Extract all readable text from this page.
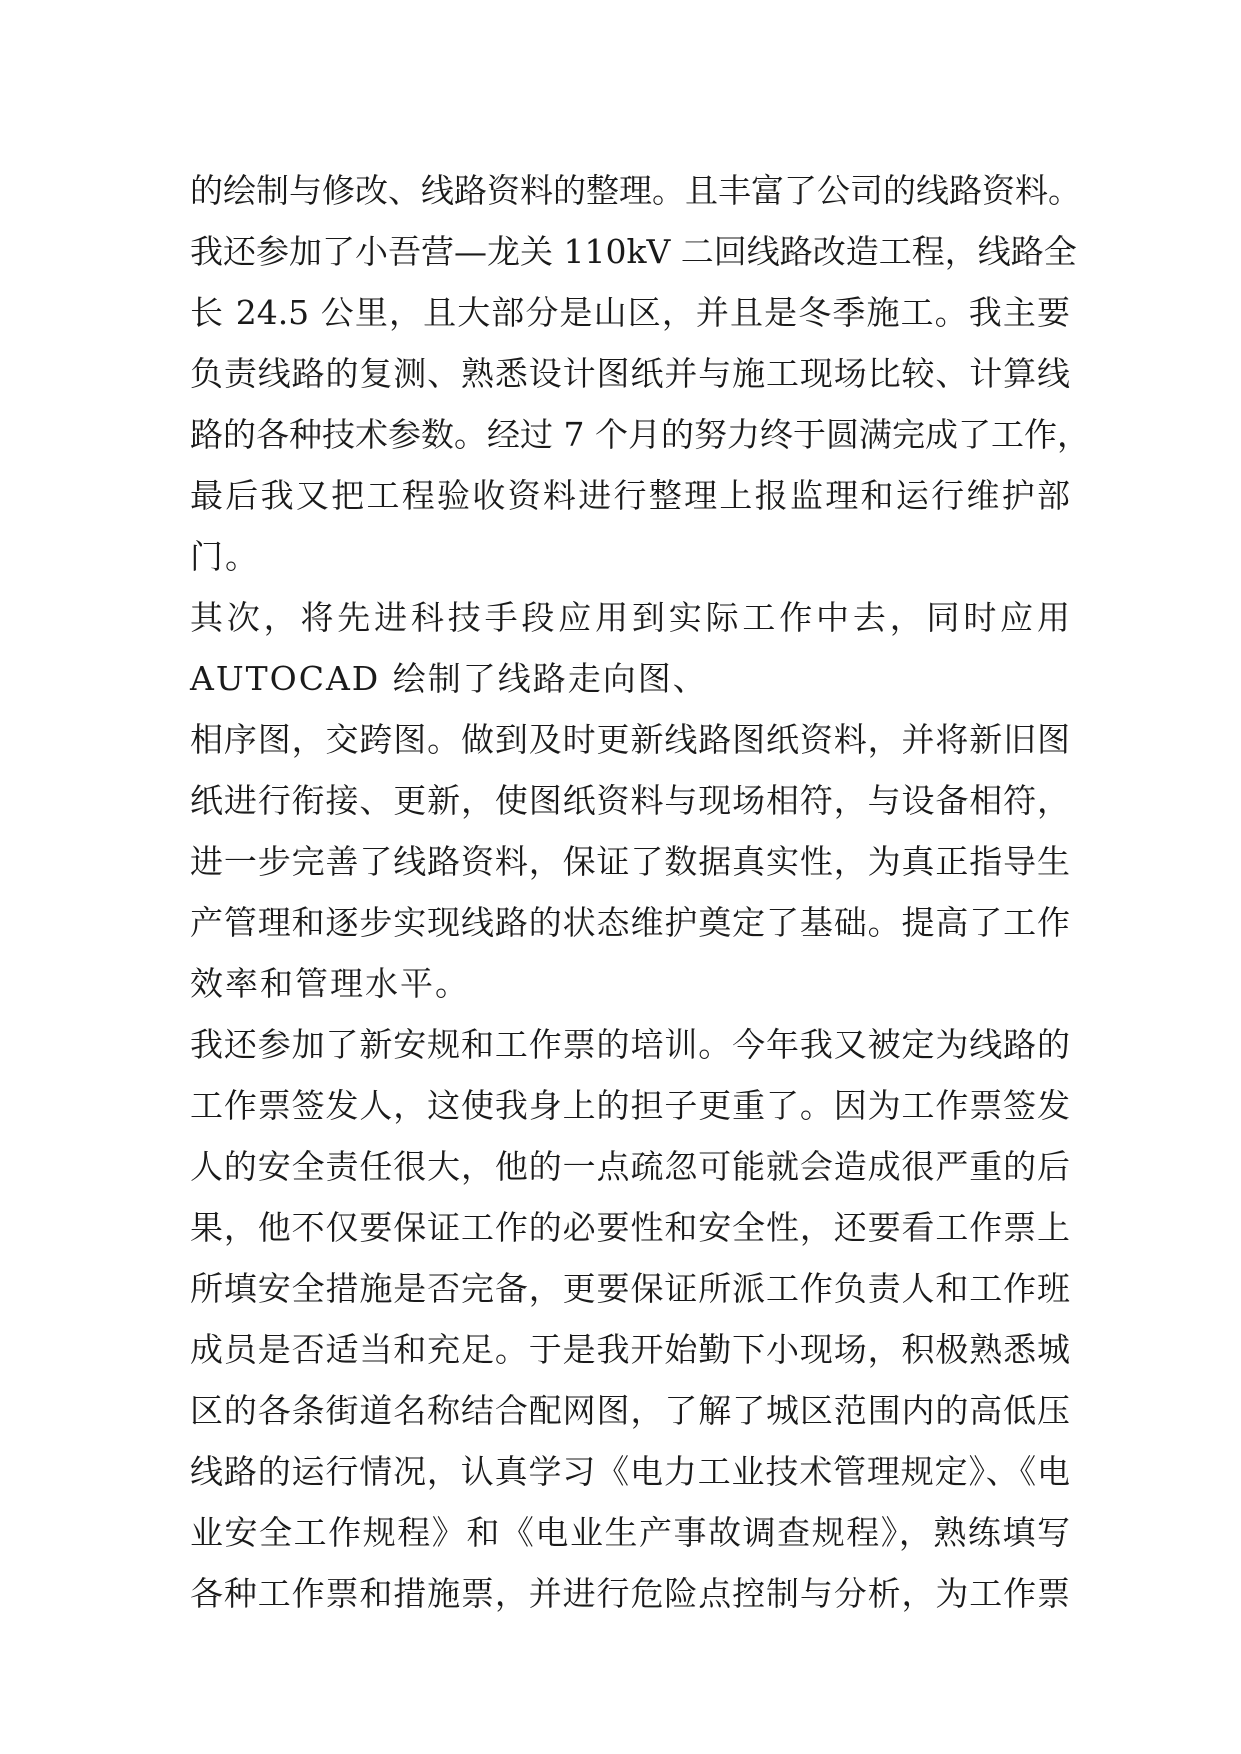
的绘制与修改、线路资料的整理。且丰富了公司的线路资料。
我还参加了小吾营—龙关 110kV 二回线路改造工程，线路全
长 24.5 公里，且大部分是山区，并且是冬季施工。我主要
负责线路的复测、熟悉设计图纸并与施工现场比较、计算线
路的各种技术参数。经过 7 个月的努力终于圆满完成了工作，
最后我又把工程验收资料进行整理上报监理和运行维护部
门。
其次，将先进科技手段应用到实际工作中去，同时应用
AUTOCAD 绘制了线路走向图、
相序图，交跨图。做到及时更新线路图纸资料，并将新旧图
纸进行衔接、更新，使图纸资料与现场相符，与设备相符，
进一步完善了线路资料，保证了数据真实性，为真正指导生
产管理和逐步实现线路的状态维护奠定了基础。提高了工作
效率和管理水平。
我还参加了新安规和工作票的培训。今年我又被定为线路的
工作票签发人，这使我身上的担子更重了。因为工作票签发
人的安全责任很大，他的一点疏忽可能就会造成很严重的后
果，他不仅要保证工作的必要性和安全性，还要看工作票上
所填安全措施是否完备，更要保证所派工作负责人和工作班
成员是否适当和充足。于是我开始勤下小现场，积极熟悉城
区的各条街道名称结合配网图，了解了城区范围内的高低压
线路的运行情况，认真学习《电力工业技术管理规定》、《电
业安全工作规程》和《电业生产事故调查规程》，熟练填写
各种工作票和措施票，并进行危险点控制与分析，为工作票
